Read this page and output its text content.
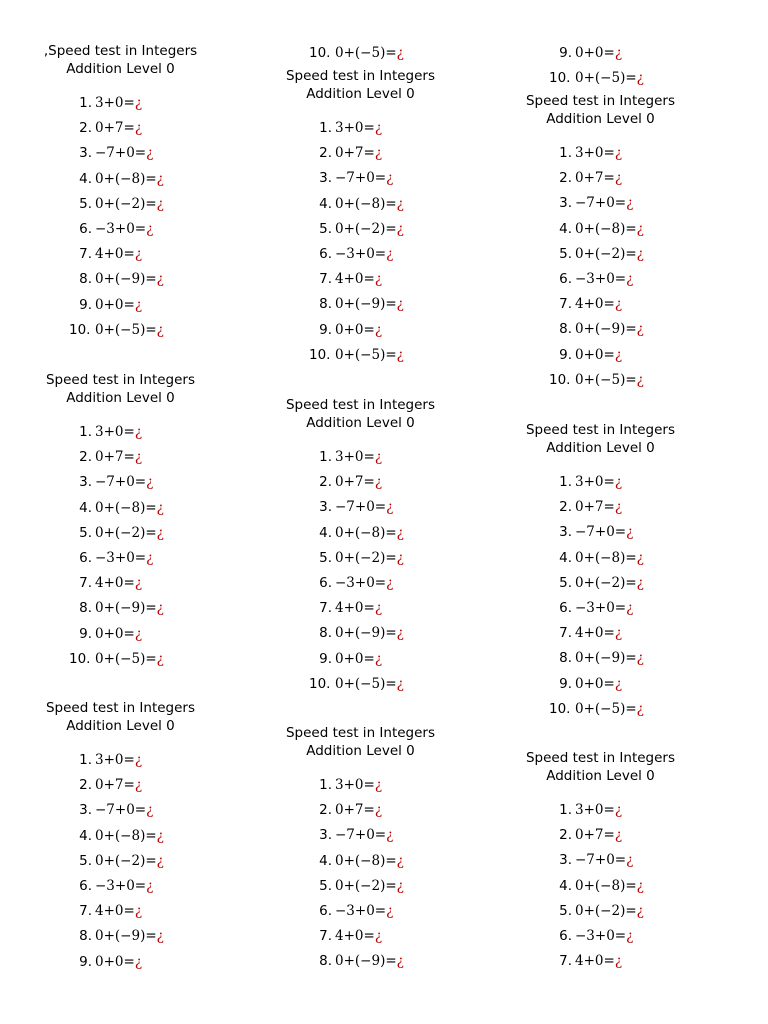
,Speed test in Integers
Addition Level 0
1. 3+0=¿
2. 0+7=¿
3. −7+0=¿
4. 0+(−8)=¿
5. 0+(−2)=¿
6. −3+0=¿
7. 4+0=¿
8. 0+(−9)=¿
9. 0+0=¿
10. 0+(−5)=¿
Speed test in Integers
Addition Level 0
1. 3+0=¿
2. 0+7=¿
3. −7+0=¿
4. 0+(−8)=¿
5. 0+(−2)=¿
6. −3+0=¿
7. 4+0=¿
8. 0+(−9)=¿
9. 0+0=¿
10. 0+(−5)=¿
Speed test in Integers
Addition Level 0
1. 3+0=¿
2. 0+7=¿
3. −7+0=¿
4. 0+(−8)=¿
5. 0+(−2)=¿
6. −3+0=¿
7. 4+0=¿
8. 0+(−9)=¿
9. 0+0=¿
10. 0+(−5)=¿
Speed test in Integers
Addition Level 0
1. 3+0=¿
2. 0+7=¿
3. −7+0=¿
4. 0+(−8)=¿
5. 0+(−2)=¿
6. −3+0=¿
7. 4+0=¿
8. 0+(−9)=¿
9. 0+0=¿
10. 0+(−5)=¿
Speed test in Integers
Addition Level 0
1. 3+0=¿
2. 0+7=¿
3. −7+0=¿
4. 0+(−8)=¿
5. 0+(−2)=¿
6. −3+0=¿
7. 4+0=¿
8. 0+(−9)=¿
9. 0+0=¿
10. 0+(−5)=¿
Speed test in Integers
Addition Level 0
1. 3+0=¿
2. 0+7=¿
3. −7+0=¿
4. 0+(−8)=¿
5. 0+(−2)=¿
6. −3+0=¿
7. 4+0=¿
8. 0+(−9)=¿
9. 0+0=¿
10. 0+(−5)=¿
Speed test in Integers
Addition Level 0
1. 3+0=¿
2. 0+7=¿
3. −7+0=¿
4. 0+(−8)=¿
5. 0+(−2)=¿
6. −3+0=¿
7. 4+0=¿
8. 0+(−9)=¿
9. 0+0=¿
10. 0+(−5)=¿
Speed test in Integers
Addition Level 0
1. 3+0=¿
2. 0+7=¿
3. −7+0=¿
4. 0+(−8)=¿
5. 0+(−2)=¿
6. −3+0=¿
7. 4+0=¿
8. 0+(−9)=¿
9. 0+0=¿
10. 0+(−5)=¿
Speed test in Integers
Addition Level 0
1. 3+0=¿
2. 0+7=¿
3. −7+0=¿
4. 0+(−8)=¿
5. 0+(−2)=¿
6. −3+0=¿
7. 4+0=¿
